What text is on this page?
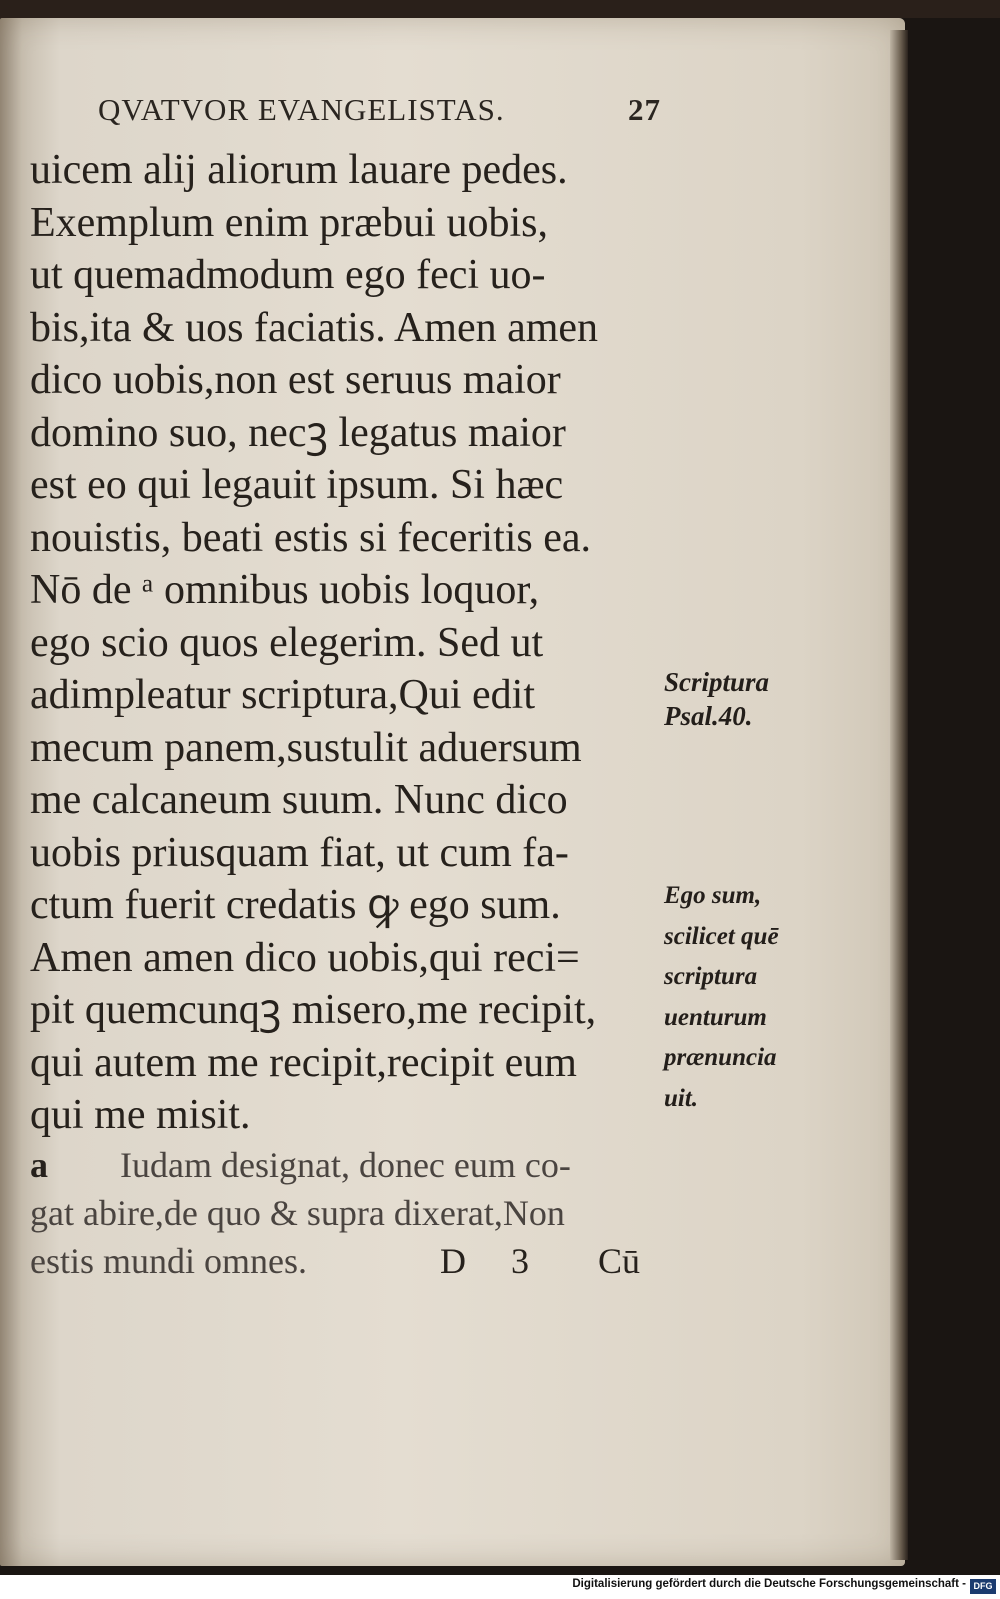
QVATVOR EVANGELISTAS.	27
uicem alij aliorum lauare pedes.
Exemplum enim præbui uobis,
ut quemadmodum ego feci uo-
bis,ita & uos faciatis. Amen amen
dico uobis,non est seruus maior
domino suo, necꝫ legatus maior
est eo qui legauit ipsum. Si hæc
nouistis, beati estis si feceritis ea.
Nō de ᵃ omnibus uobis loquor,
ego scio quos elegerim. Sed ut
adimpleatur scriptura,Qui edit
mecum panem,sustulit aduersum
me calcaneum suum. Nunc dico
uobis priusquam fiat, ut cum fa-
ctum fuerit credatis ꝙ ego sum.
Amen amen dico uobis,qui reci=
pit quemcunqꝫ misero,me recipit,
qui autem me recipit,recipit eum
qui me misit.
a Iudam designat, donec eum co-
gat abire,de quo & supra dixerat,Non
estis mundi omnes.	D 3 Cū
Scriptura
Psal.40.
Ego sum,
scilicet quē
scriptura
uenturum
prænuncia
uit.
Digitalisierung gefördert durch die Deutsche Forschungsgemeinschaft - DFG
